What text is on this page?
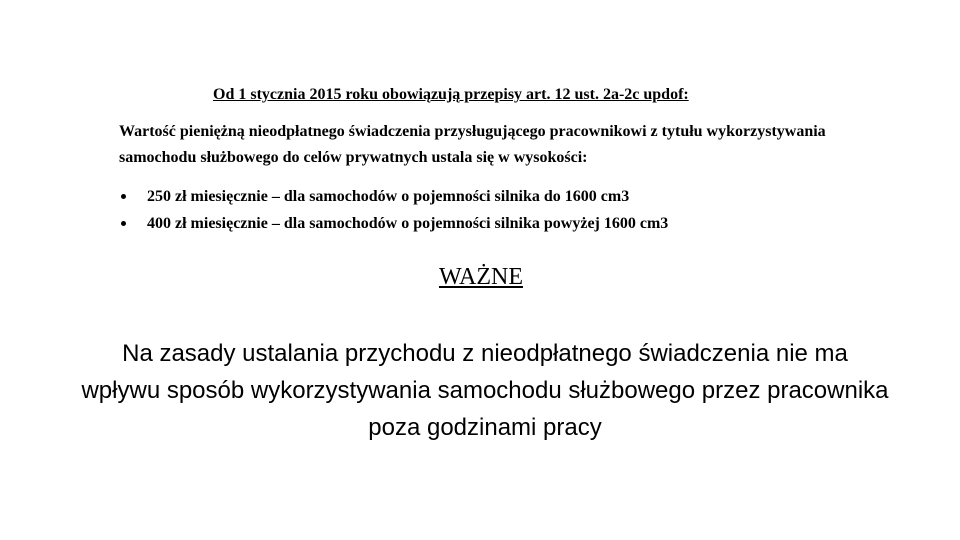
Od 1 stycznia 2015 roku obowiązują przepisy art. 12 ust. 2a-2c updof:
Wartość pieniężną nieodpłatnego świadczenia przysługującego pracownikowi z tytułu wykorzystywania samochodu służbowego do celów prywatnych ustala się w wysokości:
250 zł miesięcznie – dla samochodów o pojemności silnika do 1600 cm3
400 zł miesięcznie – dla samochodów o pojemności silnika powyżej 1600 cm3
WAŻNE
Na zasady ustalania przychodu z nieodpłatnego świadczenia nie ma wpływu sposób wykorzystywania samochodu służbowego przez pracownika poza godzinami pracy
